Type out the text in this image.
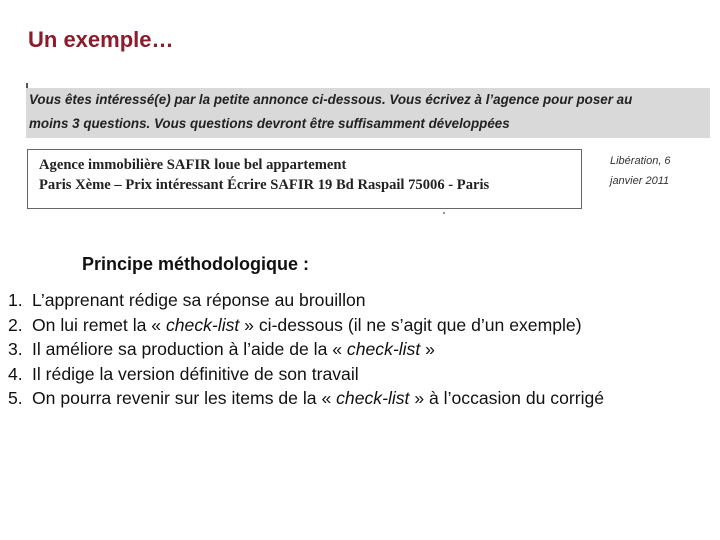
Un exemple…
Vous êtes intéressé(e) par la petite annonce ci-dessous. Vous écrivez à l’agence pour poser au
moins 3 questions. Vous questions devront être suffisamment développées
Agence immobilière SAFIR loue bel appartement
Paris Xème – Prix intéressant Écrire SAFIR 19 Bd Raspail 75006 - Paris
Libération, 6
janvier 2011
Principe méthodologique :
1. L’apprenant rédige sa réponse au brouillon
2. On lui remet la « check-list » ci-dessous (il ne s’agit que d’un exemple)
3. Il améliore sa production à l’aide de la « check-list »
4. Il rédige la version définitive de son travail
5. On pourra revenir sur les items de la « check-list » à l’occasion du corrigé
